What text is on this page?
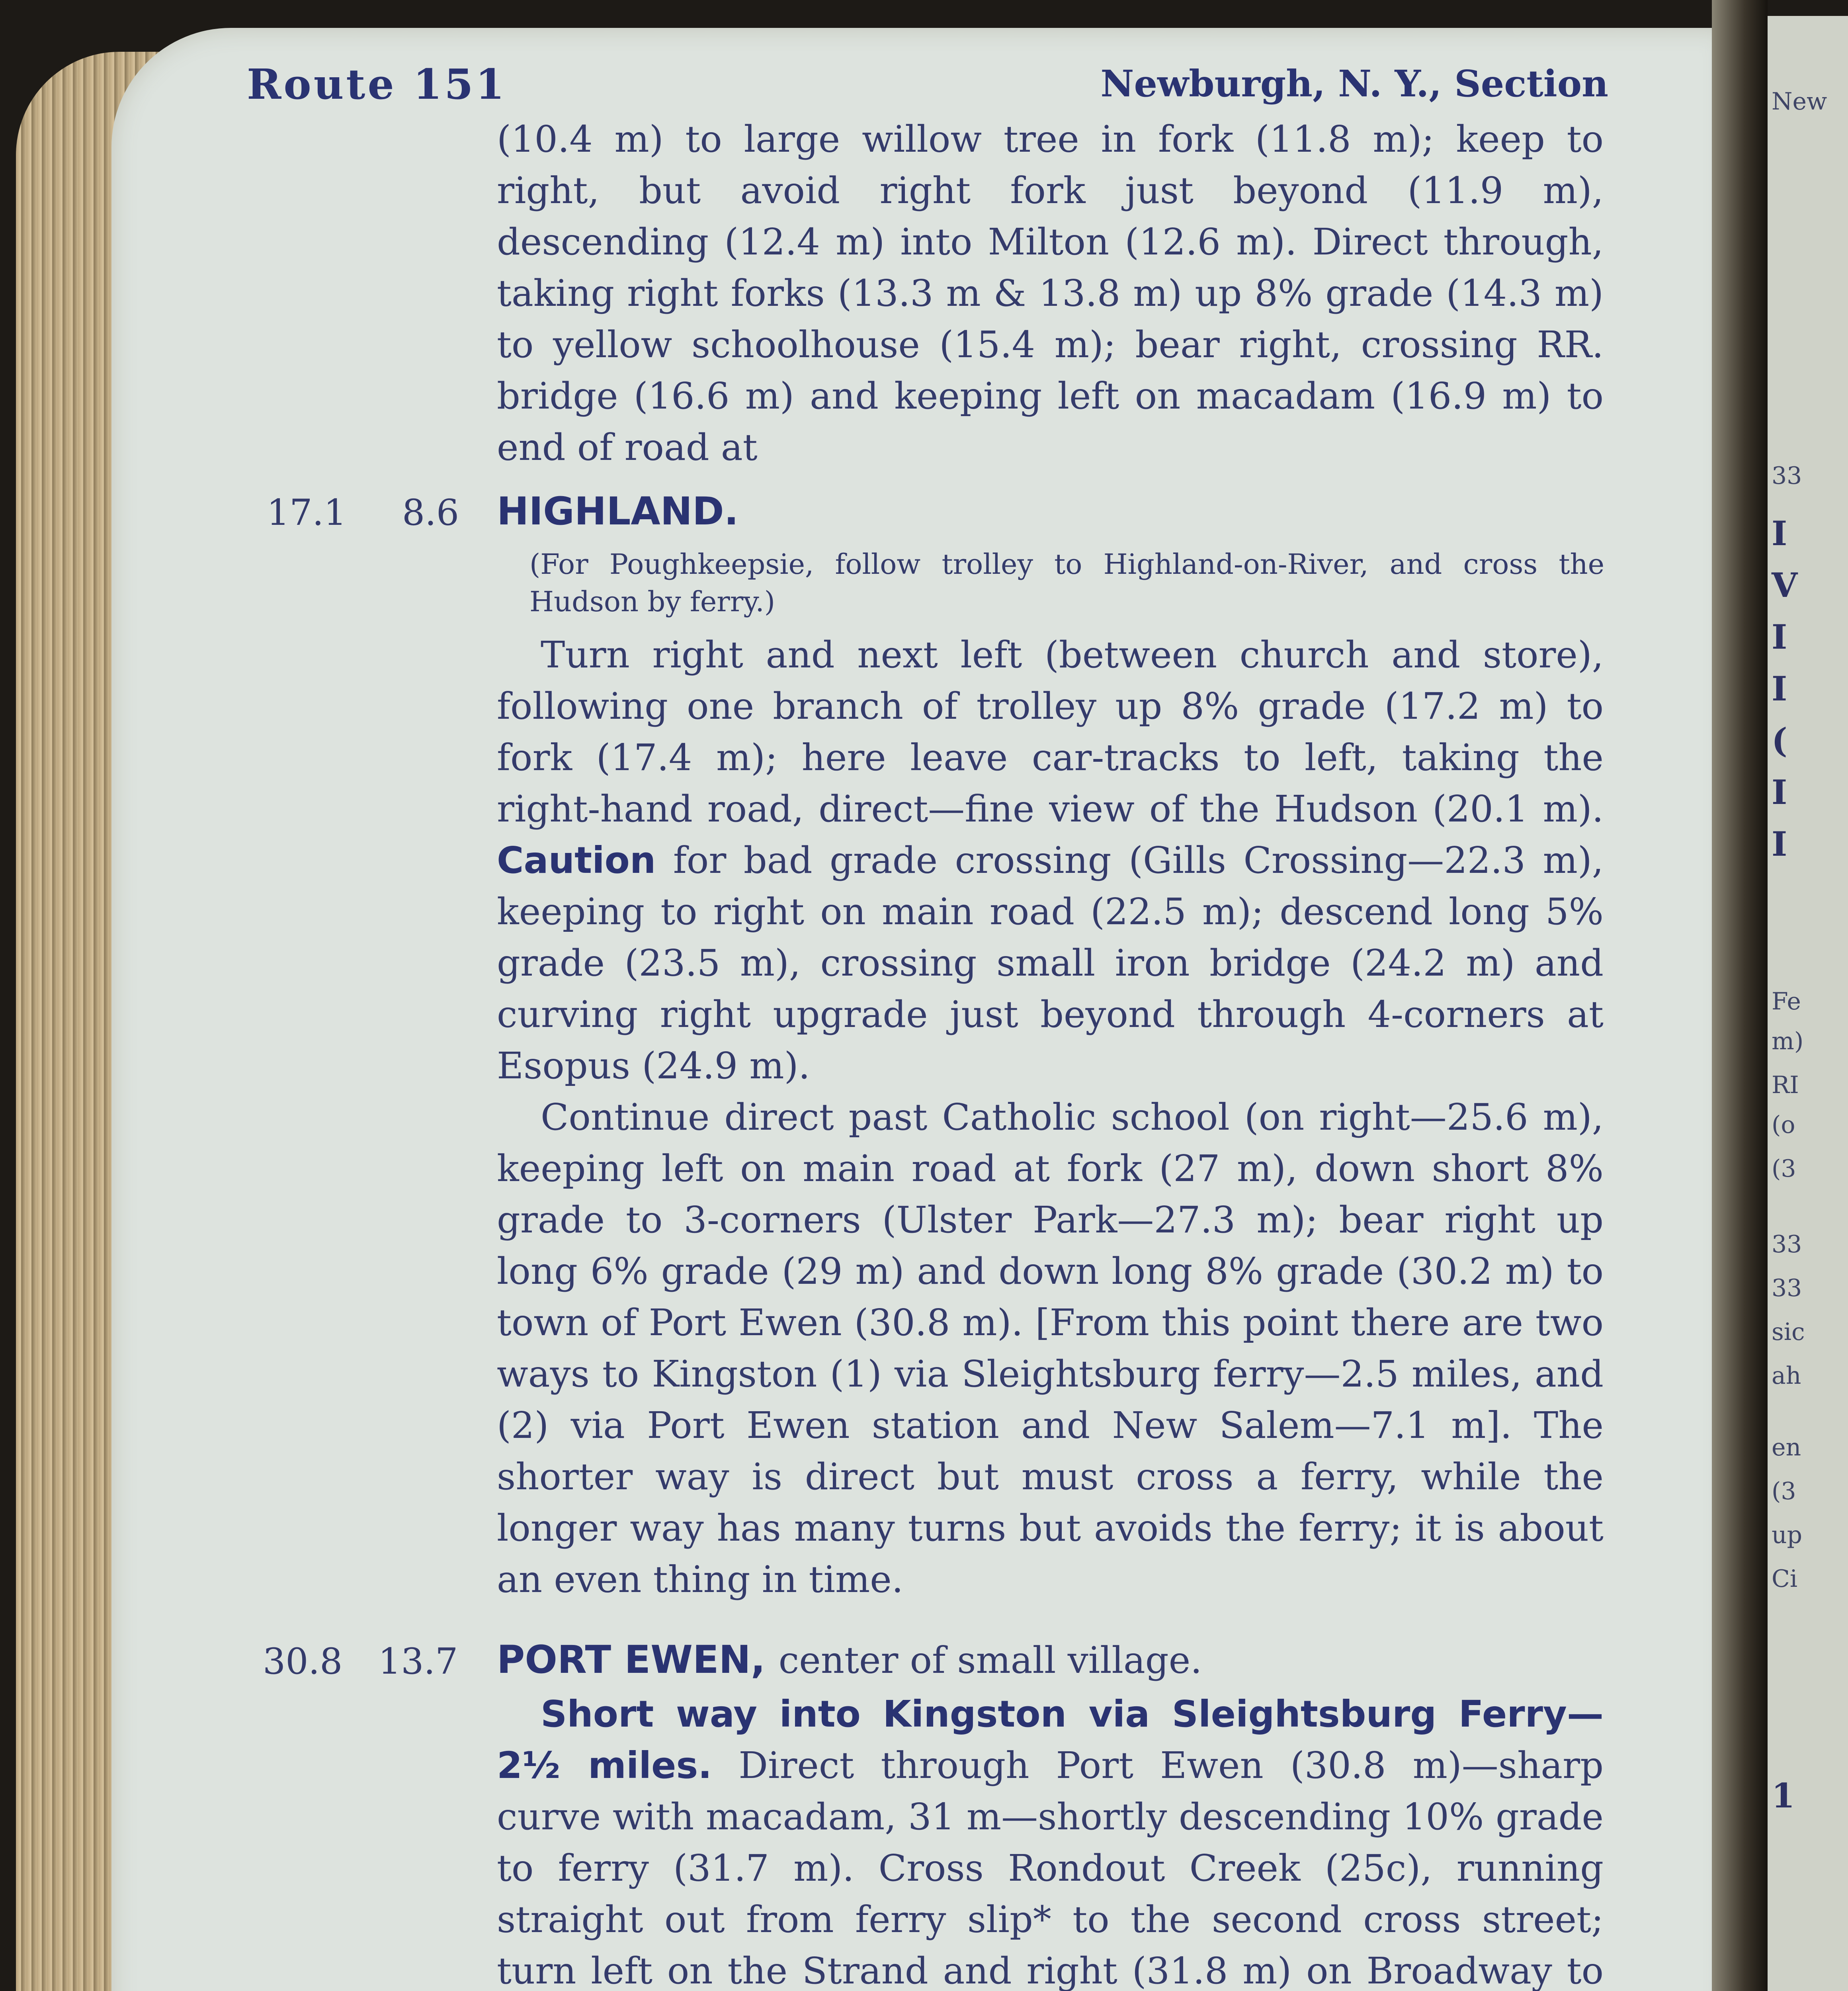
New
33
I
V
I
I
(
I
I
Fe
m)
RI
(o
(3
33
33
sic
ah
en
(3
up
Ci
1
Route 151	Newburgh, N. Y., Section

(10.4 m) to large willow tree in fork (11.8 m); keep to right, but avoid right fork just beyond (11.9 m), descending (12.4 m) into Milton (12.6 m). Direct through, taking right forks (13.3 m & 13.8 m) up 8% grade (14.3 m) to yellow schoolhouse (15.4 m); bear right, crossing RR. bridge (16.6 m) and keeping left on macadam (16.9 m) to end of road at

17.1 8.6 HIGHLAND.
(For Poughkeepsie, follow trolley to Highland-on-River, and cross the Hudson by ferry.)

Turn right and next left (between church and store), following one branch of trolley up 8% grade (17.2 m) to fork (17.4 m); here leave car-tracks to left, taking the right-hand road, direct—fine view of the Hudson (20.1 m). Caution for bad grade crossing (Gills Crossing—22.3 m), keeping to right on main road (22.5 m); descend long 5% grade (23.5 m), crossing small iron bridge (24.2 m) and curving right upgrade just beyond through 4-corners at Esopus (24.9 m).

Continue direct past Catholic school (on right—25.6 m), keeping left on main road at fork (27 m), down short 8% grade to 3-corners (Ulster Park—27.3 m); bear right up long 6% grade (29 m) and down long 8% grade (30.2 m) to town of Port Ewen (30.8 m). [From this point there are two ways to Kingston (1) via Sleightsburg ferry—2.5 miles, and (2) via Port Ewen station and New Salem—7.1 m]. The shorter way is direct but must cross a ferry, while the longer way has many turns but avoids the ferry; it is about an even thing in time.

30.8 13.7 PORT EWEN, center of small village.

Short way into Kingston via Sleightsburg Ferry—2½ miles. Direct through Port Ewen (30.8 m)—sharp curve with macadam, 31 m—shortly descending 10% grade to ferry (31.7 m). Cross Rondout Creek (25c), running straight out from ferry slip* to the second cross street; turn left on the Strand and right (31.8 m) on Broadway to
